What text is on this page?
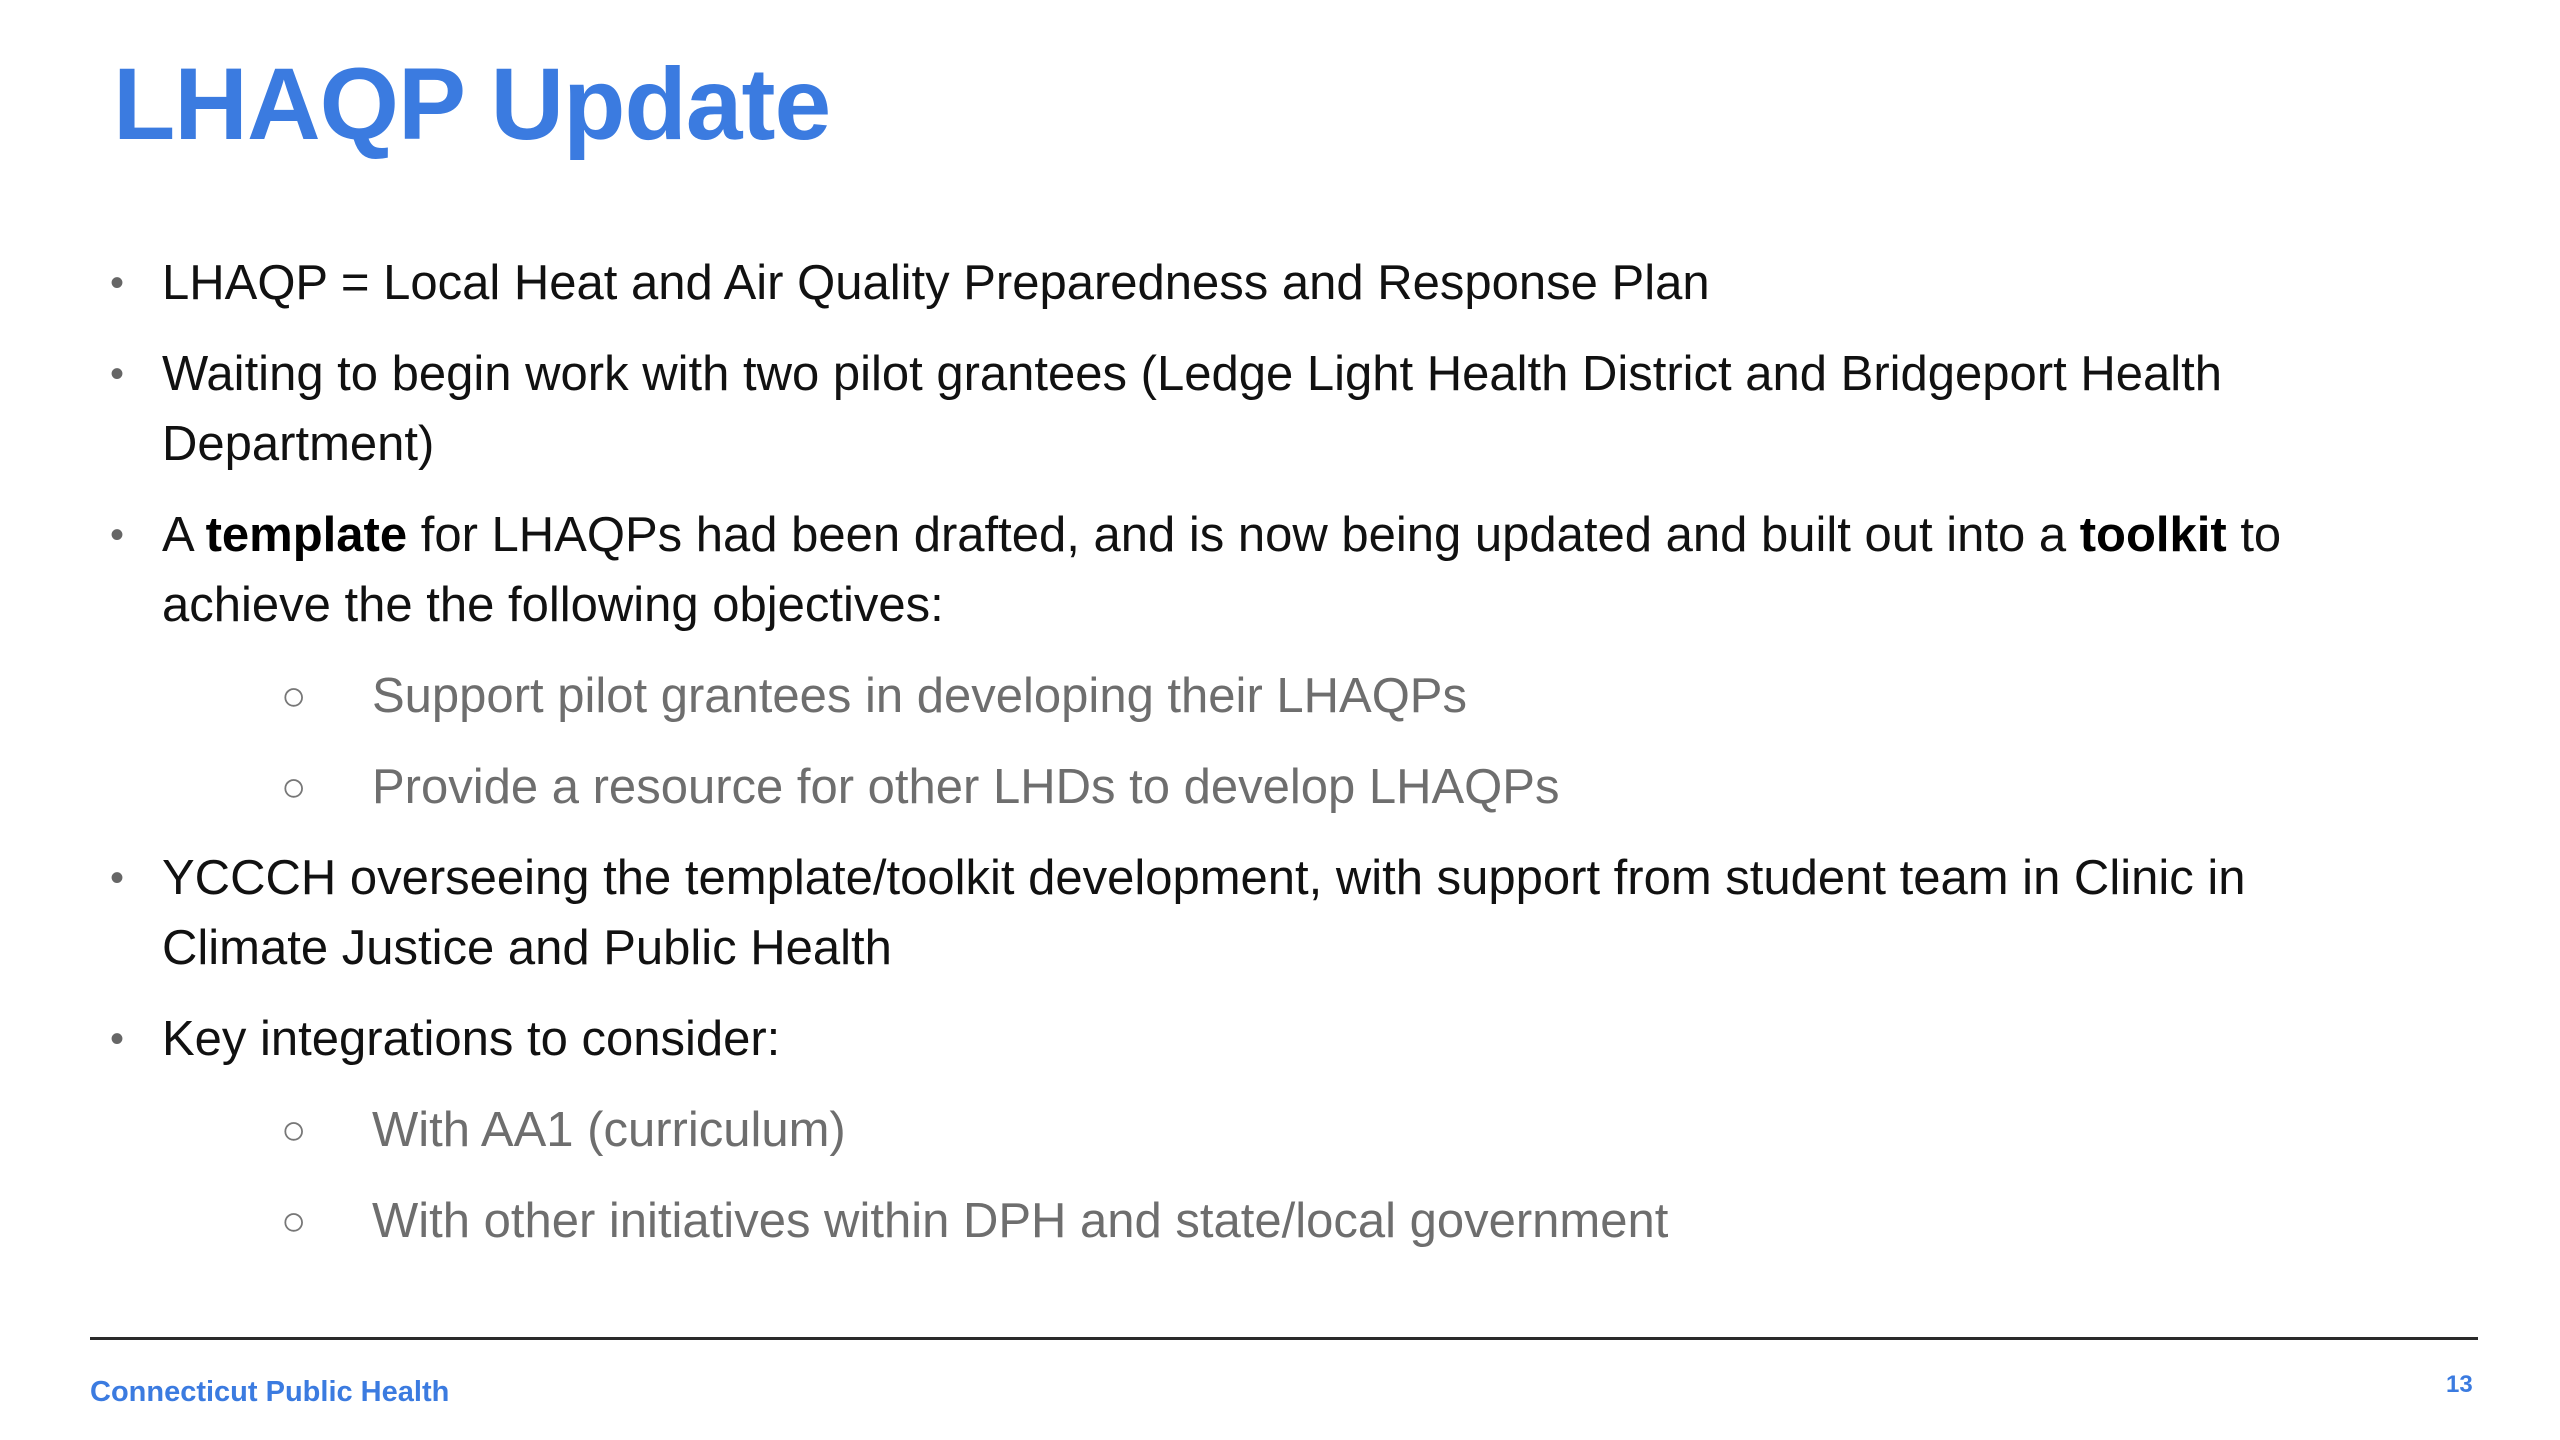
LHAQP Update
• LHAQP = Local Heat and Air Quality Preparedness and Response Plan
• Waiting to begin work with two pilot grantees (Ledge Light Health District and Bridgeport Health Department)
• A template for LHAQPs had been drafted, and is now being updated and built out into a toolkit to achieve the the following objectives:
○ Support pilot grantees in developing their LHAQPs
○ Provide a resource for other LHDs to develop LHAQPs
• YCCCH overseeing the template/toolkit development, with support from student team in Clinic in Climate Justice and Public Health
• Key integrations to consider:
○ With AA1 (curriculum)
○ With other initiatives within DPH and state/local government
Connecticut Public Health	13
